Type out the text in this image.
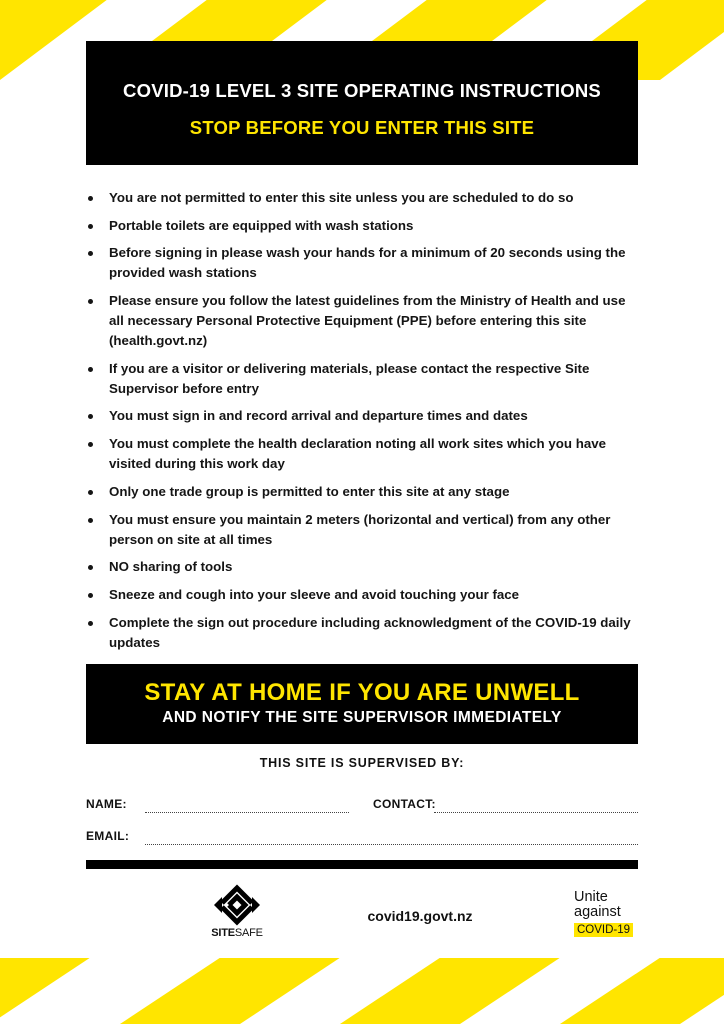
COVID-19 LEVEL 3 SITE OPERATING INSTRUCTIONS
STOP BEFORE YOU ENTER THIS SITE
You are not permitted to enter this site unless you are scheduled to do so
Portable toilets are equipped with wash stations
Before signing in please wash your hands for a minimum of 20 seconds using the provided wash stations
Please ensure you follow the latest guidelines from the Ministry of Health and use all necessary Personal Protective Equipment (PPE) before entering this site (health.govt.nz)
If you are a visitor or delivering materials, please contact the respective Site Supervisor before entry
You must sign in and record arrival and departure times and dates
You must complete the health declaration noting all work sites which you have visited during this work day
Only one trade group is permitted to enter this site at any stage
You must ensure you maintain 2 meters (horizontal and vertical) from any other person on site at all times
NO sharing of tools
Sneeze and cough into your sleeve and avoid touching your face
Complete the sign out procedure including acknowledgment of the COVID-19 daily updates
STAY AT HOME IF YOU ARE UNWELL
AND NOTIFY THE SITE SUPERVISOR IMMEDIATELY
THIS SITE IS SUPERVISED BY:
NAME:	CONTACT:
EMAIL:
SITESAFE
covid19.govt.nz
Unite
against
COVID-19
